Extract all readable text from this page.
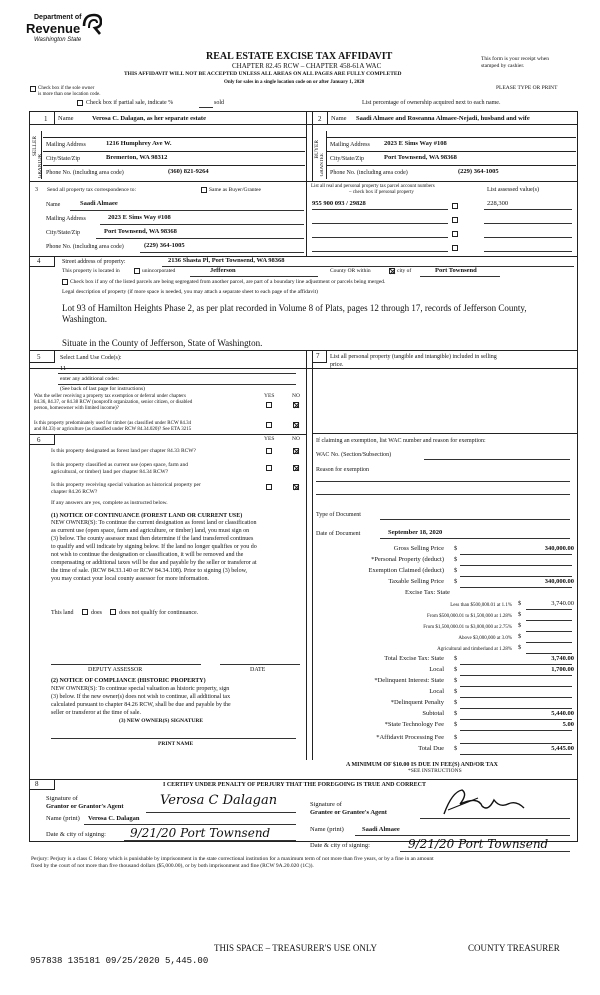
Department of
Revenue
Washington State
REAL ESTATE EXCISE TAX AFFIDAVIT
CHAPTER 82.45 RCW – CHAPTER 458-61A WAC
THIS AFFIDAVIT WILL NOT BE ACCEPTED UNLESS ALL AREAS ON ALL PAGES ARE FULLY COMPLETED
Only for sales in a single location code on or after January 1, 2020
This form is your receipt when
stamped by cashier.
PLEASE TYPE OR PRINT
Check box if the sole owner
is more than one location code.
Check box if partial sale, indicate %	sold	List percentage of ownership acquired next to each name.
1 Name	Verosa C. Dalagan, as her separate estate
SELLER
GRANTOR
Mailing Address	1216 Humphrey Ave W.
City/State/Zip	Bremerton, WA 98312
Phone No. (including area code)	(360) 821-9264
2 Name Saadi Almaee and Roseanna Almaee-Nejadi, husband and wife
BUYER
GRANTEE
Mailing Address 2023 E Sims Way #108
City/State/Zip	Port Townsend, WA 98368
Phone No. (including area code)	(229) 364-1005
3 Send all property tax correspondence to:	Same as Buyer/Grantee
Name	Saadi Almaee
Mailing Address	2023 E Sims Way #108
City/State/Zip	Port Townsend, WA 98368
Phone No. (including area code)	(229) 364-1005
List all real and personal property tax parcel account numbers
– check box if personal property	List assessed value(s)
955 900 093 / 29828	228,300
4	Street address of property:	2136 Shasta Pl, Port Townsend, WA 98368
This property is located in	unincorporated	Jefferson	County OR within	city of	Port Townsend
Check box if any of the listed parcels are being segregated from another parcel, are part of a boundary line adjustment or parcels being merged.
Legal description of property (if more space is needed, you may attach a separate sheet to each page of the affidavit)
Lot 93 of Hamilton Heights Phase 2, as per plat recorded in Volume 8 of Plats, pages 12 through 17, records of Jefferson County,
Washington.
Situate in the County of Jefferson, State of Washington.
5	Select Land Use Code(s):
11
enter any additional codes:
(See back of last page for instructions)
YES	NO
Was the seller receiving a property tax exemption or deferral under chapters
84.36, 84.37, or 84.38 RCW (nonprofit organization, senior citizen, or disabled
person, homeowner with limited income)?
Is this property predominately used for timber (as classified under RCW 84.34
and 84.33) or agriculture (as classified under RCW 84.34.020)? See ETA 3215
6	YES	NO
Is this property designated as forest land per chapter 84.33 RCW?
Is this property classified as current use (open space, farm and
agricultural, or timber) land per chapter 84.34 RCW?
Is this property receiving special valuation as historical property per
chapter 84.26 RCW?
If any answers are yes, complete as instructed below.
(1) NOTICE OF CONTINUANCE (FOREST LAND OR CURRENT USE)
NEW OWNER(S): To continue the current designation as forest land or classification
as current use (open space, farm and agriculture, or timber) land, you must sign on
(3) below. The county assessor must then determine if the land transferred continues
to qualify and will indicate by signing below. If the land no longer qualifies or you do
not wish to continue the designation or classification, it will be removed and the
compensating or additional taxes will be due and payable by the seller or transferor at
the time of sale. (RCW 84.33.140 or RCW 84.34.108). Prior to signing (3) below,
you may contact your local county assessor for more information.
This land	does	does not qualify for continuance.
DEPUTY ASSESSOR	DATE
(2) NOTICE OF COMPLIANCE (HISTORIC PROPERTY)
NEW OWNER(S): To continue special valuation as historic property, sign
(3) below. If the new owner(s) does not wish to continue, all additional tax
calculated pursuant to chapter 84.26 RCW, shall be due and payable by the
seller or transferor at the time of sale.
(3) NEW OWNER(S) SIGNATURE
PRINT NAME
7 List all personal property (tangible and intangible) included in selling
price.
If claiming an exemption, list WAC number and reason for exemption:
WAC No. (Section/Subsection)
Reason for exemption
Type of Document
Date of Document	September 18, 2020
Gross Selling Price $	340,000.00
*Personal Property (deduct) $
Exemption Claimed (deduct) $
Taxable Selling Price $	340,000.00
Excise Tax: State
Less than $500,000.01 at 1.1% $	3,740.00
From $500,000.01 to $1,500,000 at 1.28% $
From $1,500,000.01 to $3,000,000 at 2.75% $
Above $3,000,000 at 3.0% $
Agricultural and timberland at 1.28% $
Total Excise Tax: State $	3,740.00
Local $	1,700.00
*Delinquent Interest: State $
Local $
*Delinquent Penalty $
Subtotal $	5,440.00
*State Technology Fee $	5.00
*Affidavit Processing Fee $
Total Due $	5,445.00
A MINIMUM OF $10.00 IS DUE IN FEE(S) AND/OR TAX
*SEE INSTRUCTIONS
8	I CERTIFY UNDER PENALTY OF PERJURY THAT THE FOREGOING IS TRUE AND CORRECT
Signature of
Grantor or Grantor's Agent	Verosa C Dalagan
Name (print) Verosa C. Dalagan
Date & city of signing: 9/21/20 Port Townsend
Signature of
Grantee or Grantee's Agent
Name (print)	Saadi Almaee
Date & city of signing:	9/21/20 Port Townsend
Perjury: Perjury is a class C felony which is punishable by imprisonment in the state correctional institution for a maximum term of not more than five years, or by a fine in an amount
fixed by the court of not more than five thousand dollars ($5,000.00), or by both imprisonment and fine (RCW 9A.20.020 (1C)).
THIS SPACE – TREASURER'S USE ONLY	COUNTY TREASURER
957838 135181 09/25/2020 5,445.00
